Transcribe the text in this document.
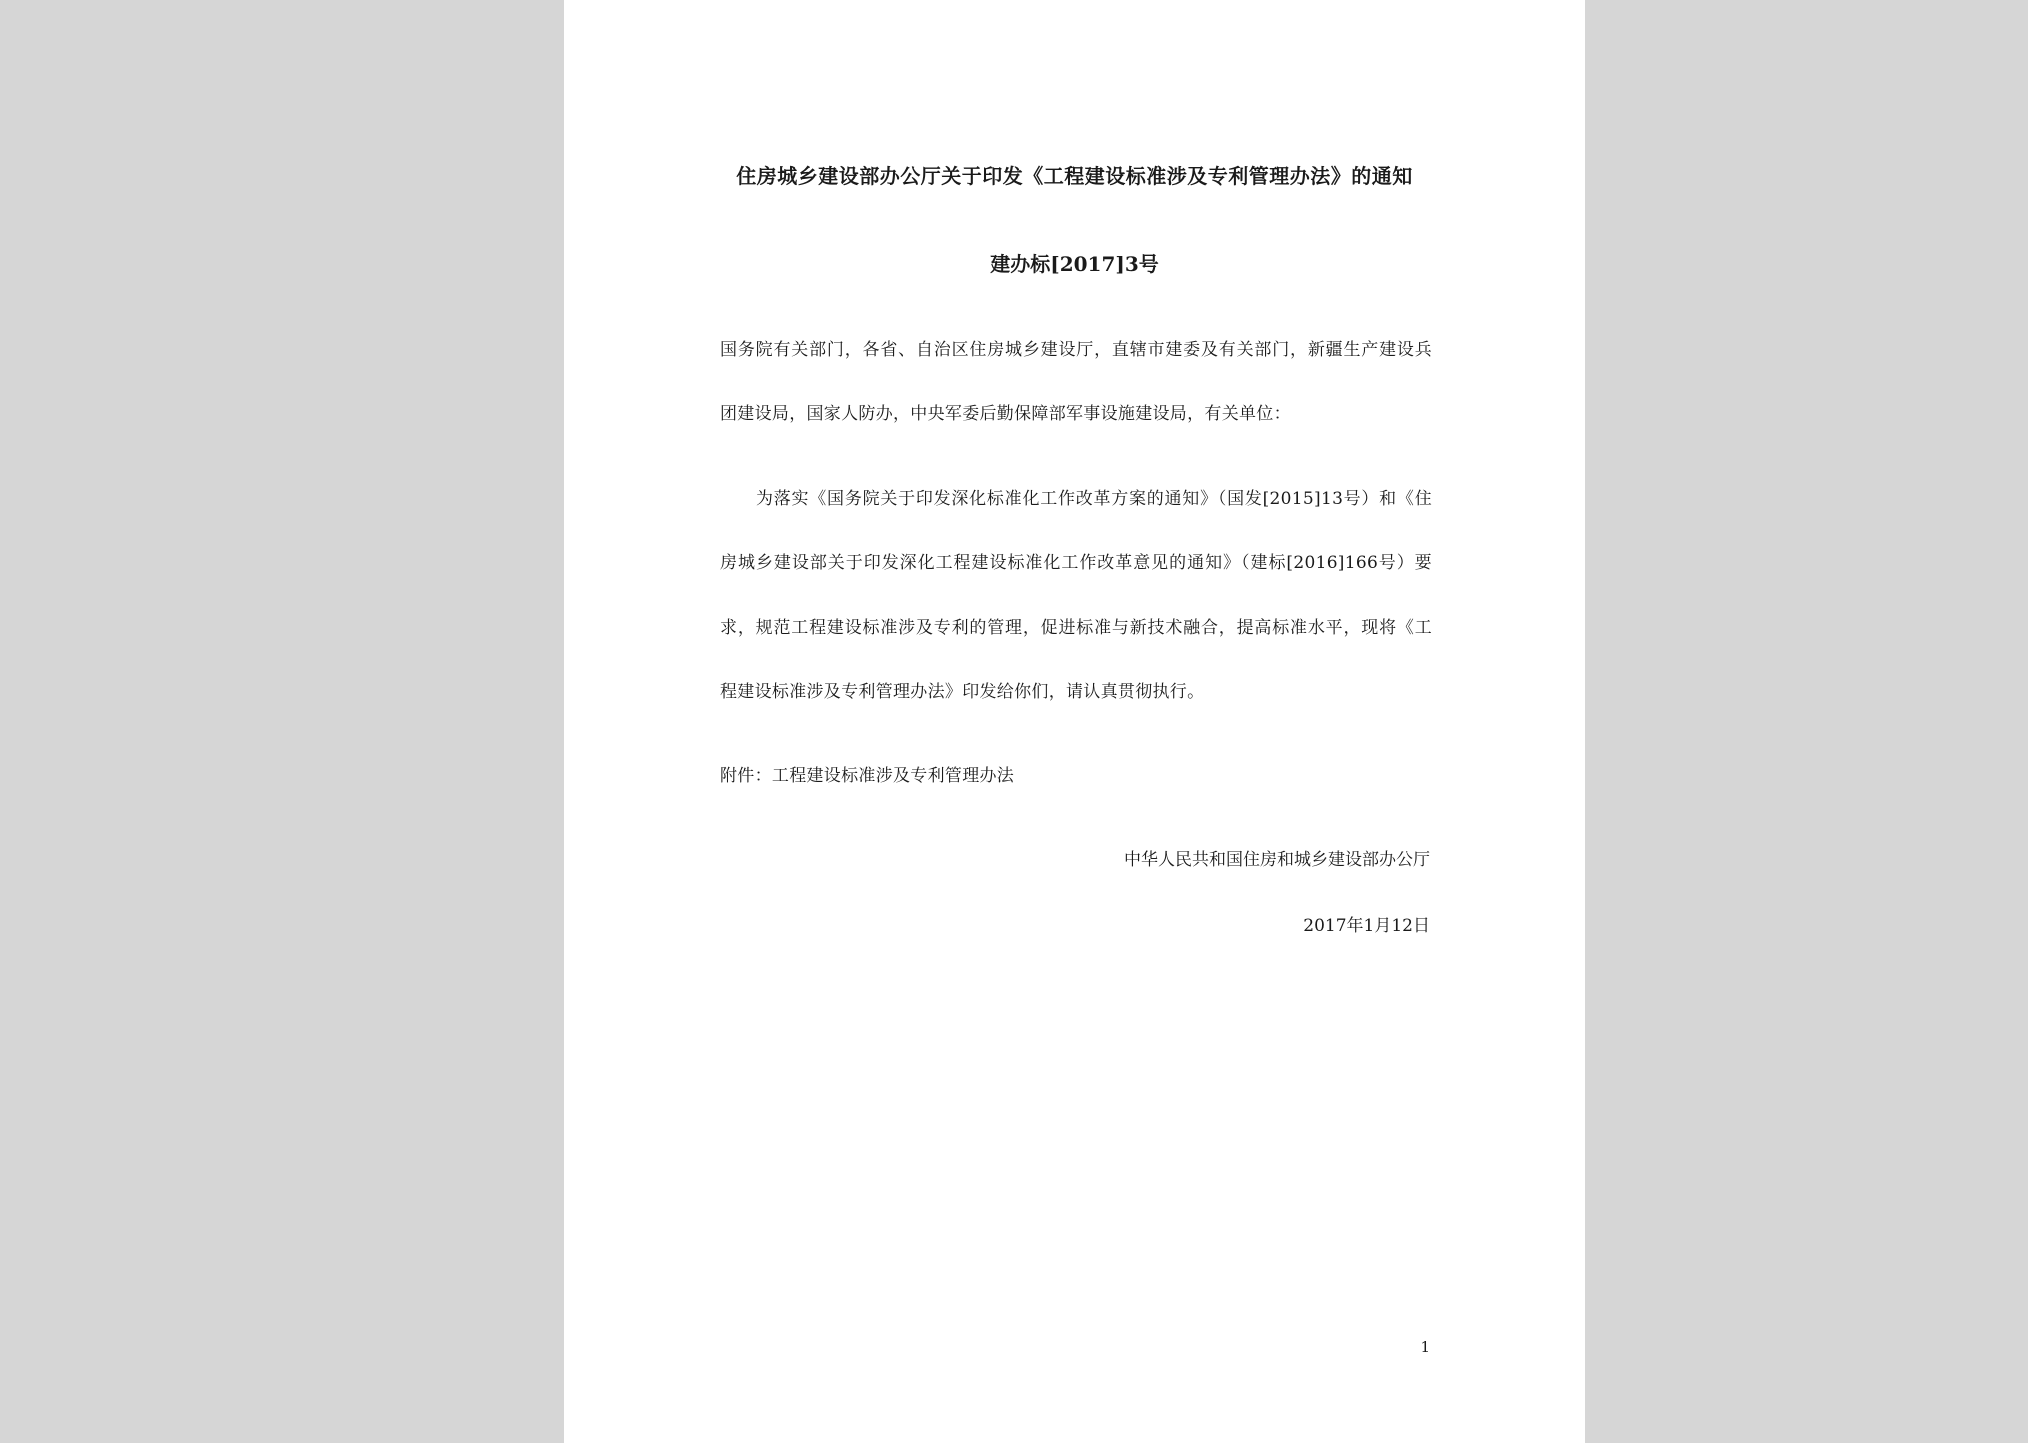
住房城乡建设部办公厅关于印发《工程建设标准涉及专利管理办法》的通知
建办标[2017]3号
国务院有关部门，各省、自治区住房城乡建设厅，直辖市建委及有关部门，新疆生产建设兵
团建设局，国家人防办，中央军委后勤保障部军事设施建设局，有关单位：
为落实《国务院关于印发深化标准化工作改革方案的通知》（国发[2015]13号）和《住
房城乡建设部关于印发深化工程建设标准化工作改革意见的通知》（建标[2016]166号）要
求，规范工程建设标准涉及专利的管理，促进标准与新技术融合，提高标准水平，现将《工
程建设标准涉及专利管理办法》印发给你们，请认真贯彻执行。
附件：工程建设标准涉及专利管理办法
中华人民共和国住房和城乡建设部办公厅
2017年1月12日
1
